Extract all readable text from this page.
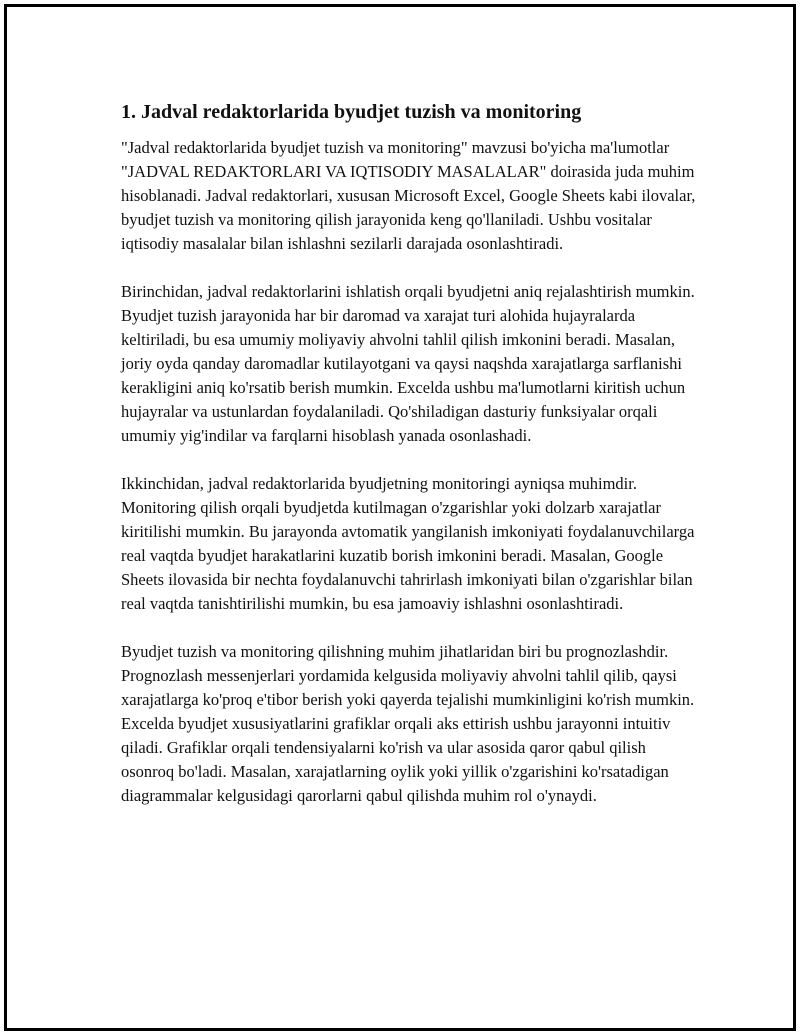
1. Jadval redaktorlarida byudjet tuzish va monitoring

"Jadval redaktorlarida byudjet tuzish va monitoring" mavzusi bo'yicha ma'lumotlar "JADVAL REDAKTORLARI VA IQTISODIY MASALALAR" doirasida juda muhim hisoblanadi. Jadval redaktorlari, xususan Microsoft Excel, Google Sheets kabi ilovalar, byudjet tuzish va monitoring qilish jarayonida keng qo'llaniladi. Ushbu vositalar iqtisodiy masalalar bilan ishlashni sezilarli darajada osonlashtiradi.

Birinchidan, jadval redaktorlarini ishlatish orqali byudjetni aniq rejalashtirish mumkin. Byudjet tuzish jarayonida har bir daromad va xarajat turi alohida hujayralarda keltiriladi, bu esa umumiy moliyaviy ahvolni tahlil qilish imkonini beradi. Masalan, joriy oyda qanday daromadlar kutilayotgani va qaysi naqshda xarajatlarga sarflanishi kerakligini aniq ko'rsatib berish mumkin. Excelda ushbu ma'lumotlarni kiritish uchun hujayralar va ustunlardan foydalaniladi. Qo'shiladigan dasturiy funksiyalar orqali umumiy yig'indilar va farqlarni hisoblash yanada osonlashadi.

Ikkinchidan, jadval redaktorlarida byudjetning monitoringi ayniqsa muhimdir. Monitoring qilish orqali byudjetda kutilmagan o'zgarishlar yoki dolzarb xarajatlar kiritilishi mumkin. Bu jarayonda avtomatik yangilanish imkoniyati foydalanuvchilarga real vaqtda byudjet harakatlarini kuzatib borish imkonini beradi. Masalan, Google Sheets ilovasida bir nechta foydalanuvchi tahrirlash imkoniyati bilan o'zgarishlar bilan real vaqtda tanishtirilishi mumkin, bu esa jamoaviy ishlashni osonlashtiradi.

Byudjet tuzish va monitoring qilishning muhim jihatlaridan biri bu prognozlashdir. Prognozlash messenjerlari yordamida kelgusida moliyaviy ahvolni tahlil qilib, qaysi xarajatlarga ko'proq e'tibor berish yoki qayerda tejalishi mumkinligini ko'rish mumkin. Excelda byudjet xususiyatlarini grafiklar orqali aks ettirish ushbu jarayonni intuitiv qiladi. Grafiklar orqali tendensiyalarni ko'rish va ular asosida qaror qabul qilish osonroq bo'ladi. Masalan, xarajatlarning oylik yoki yillik o'zgarishini ko'rsatadigan diagrammalar kelgusidagi qarorlarni qabul qilishda muhim rol o'ynaydi.
